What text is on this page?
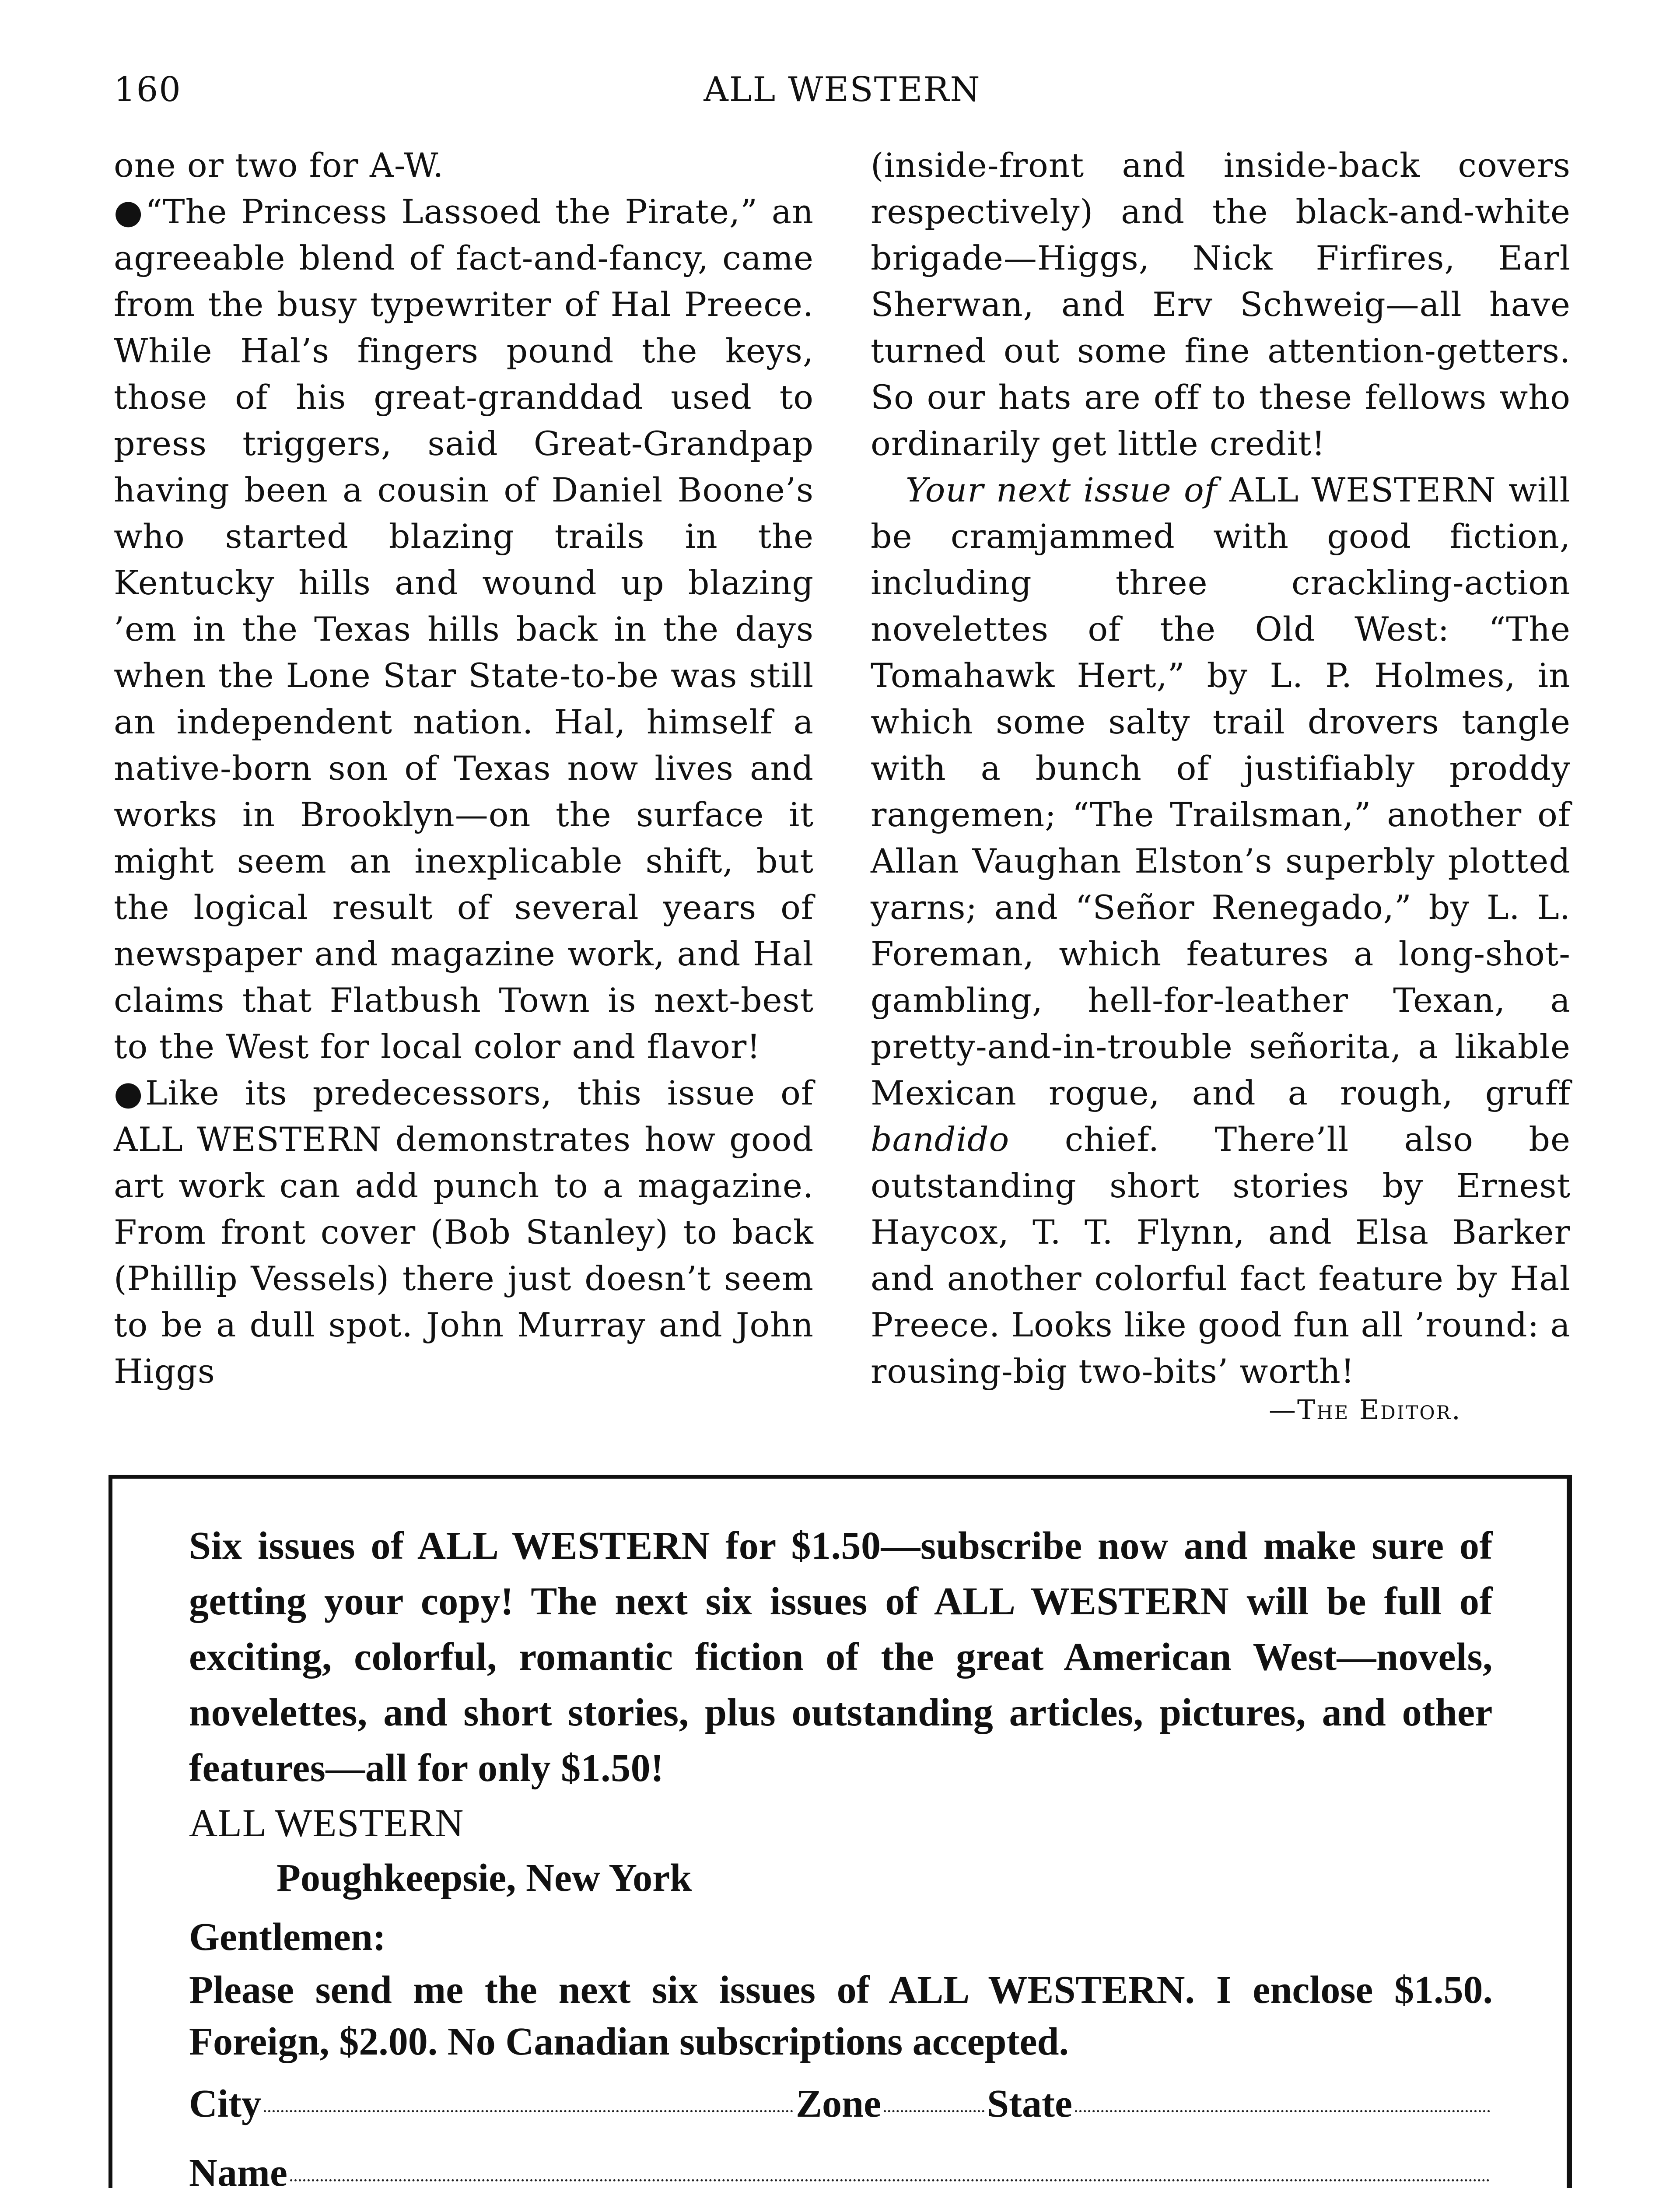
160	ALL WESTERN

one or two for A-W.

●“The Princess Lassoed the Pirate,” an agreeable blend of fact-and-fancy, came from the busy typewriter of Hal Preece. While Hal’s fingers pound the keys, those of his great-granddad used to press triggers, said Great-Grandpap having been a cousin of Daniel Boone’s who started blazing trails in the Kentucky hills and wound up blazing ’em in the Texas hills back in the days when the Lone Star State-to-be was still an independent nation. Hal, himself a native-born son of Texas now lives and works in Brooklyn—on the surface it might seem an inexplicable shift, but the logical result of several years of newspaper and magazine work, and Hal claims that Flatbush Town is next-best to the West for local color and flavor!

●Like its predecessors, this issue of ALL WESTERN demonstrates how good art work can add punch to a magazine. From front cover (Bob Stanley) to back (Phillip Vessels) there just doesn’t seem to be a dull spot. John Murray and John Higgs

(inside-front and inside-back covers respectively) and the black-and-white brigade—Higgs, Nick Firfires, Earl Sherwan, and Erv Schweig—all have turned out some fine attention-getters. So our hats are off to these fellows who ordinarily get little credit!

Your next issue of ALL WESTERN will be cramjammed with good fiction, including three crackling-action novelettes of the Old West: “The Tomahawk Hert,” by L. P. Holmes, in which some salty trail drovers tangle with a bunch of justifiably proddy rangemen; “The Trailsman,” another of Allan Vaughan Elston’s superbly plotted yarns; and “Señor Renegado,” by L. L. Foreman, which features a long-shot-gambling, hell-for-leather Texan, a pretty-and-in-trouble señorita, a likable Mexican rogue, and a rough, gruff bandido chief. There’ll also be outstanding short stories by Ernest Haycox, T. T. Flynn, and Elsa Barker and another colorful fact feature by Hal Preece. Looks like good fun all ’round: a rousing-big two-bits’ worth!

—The Editor.

Six issues of ALL WESTERN for $1.50—subscribe now and make sure of getting your copy! The next six issues of ALL WESTERN will be full of exciting, colorful, romantic fiction of the great American West—novels, novelettes, and short stories, plus outstanding articles, pictures, and other features—all for only $1.50!

ALL WESTERN

Poughkeepsie, New York

Gentlemen:

Please send me the next six issues of ALL WESTERN. I enclose $1.50. Foreign, $2.00. No Canadian subscriptions accepted.

City	Zone	State
Name
